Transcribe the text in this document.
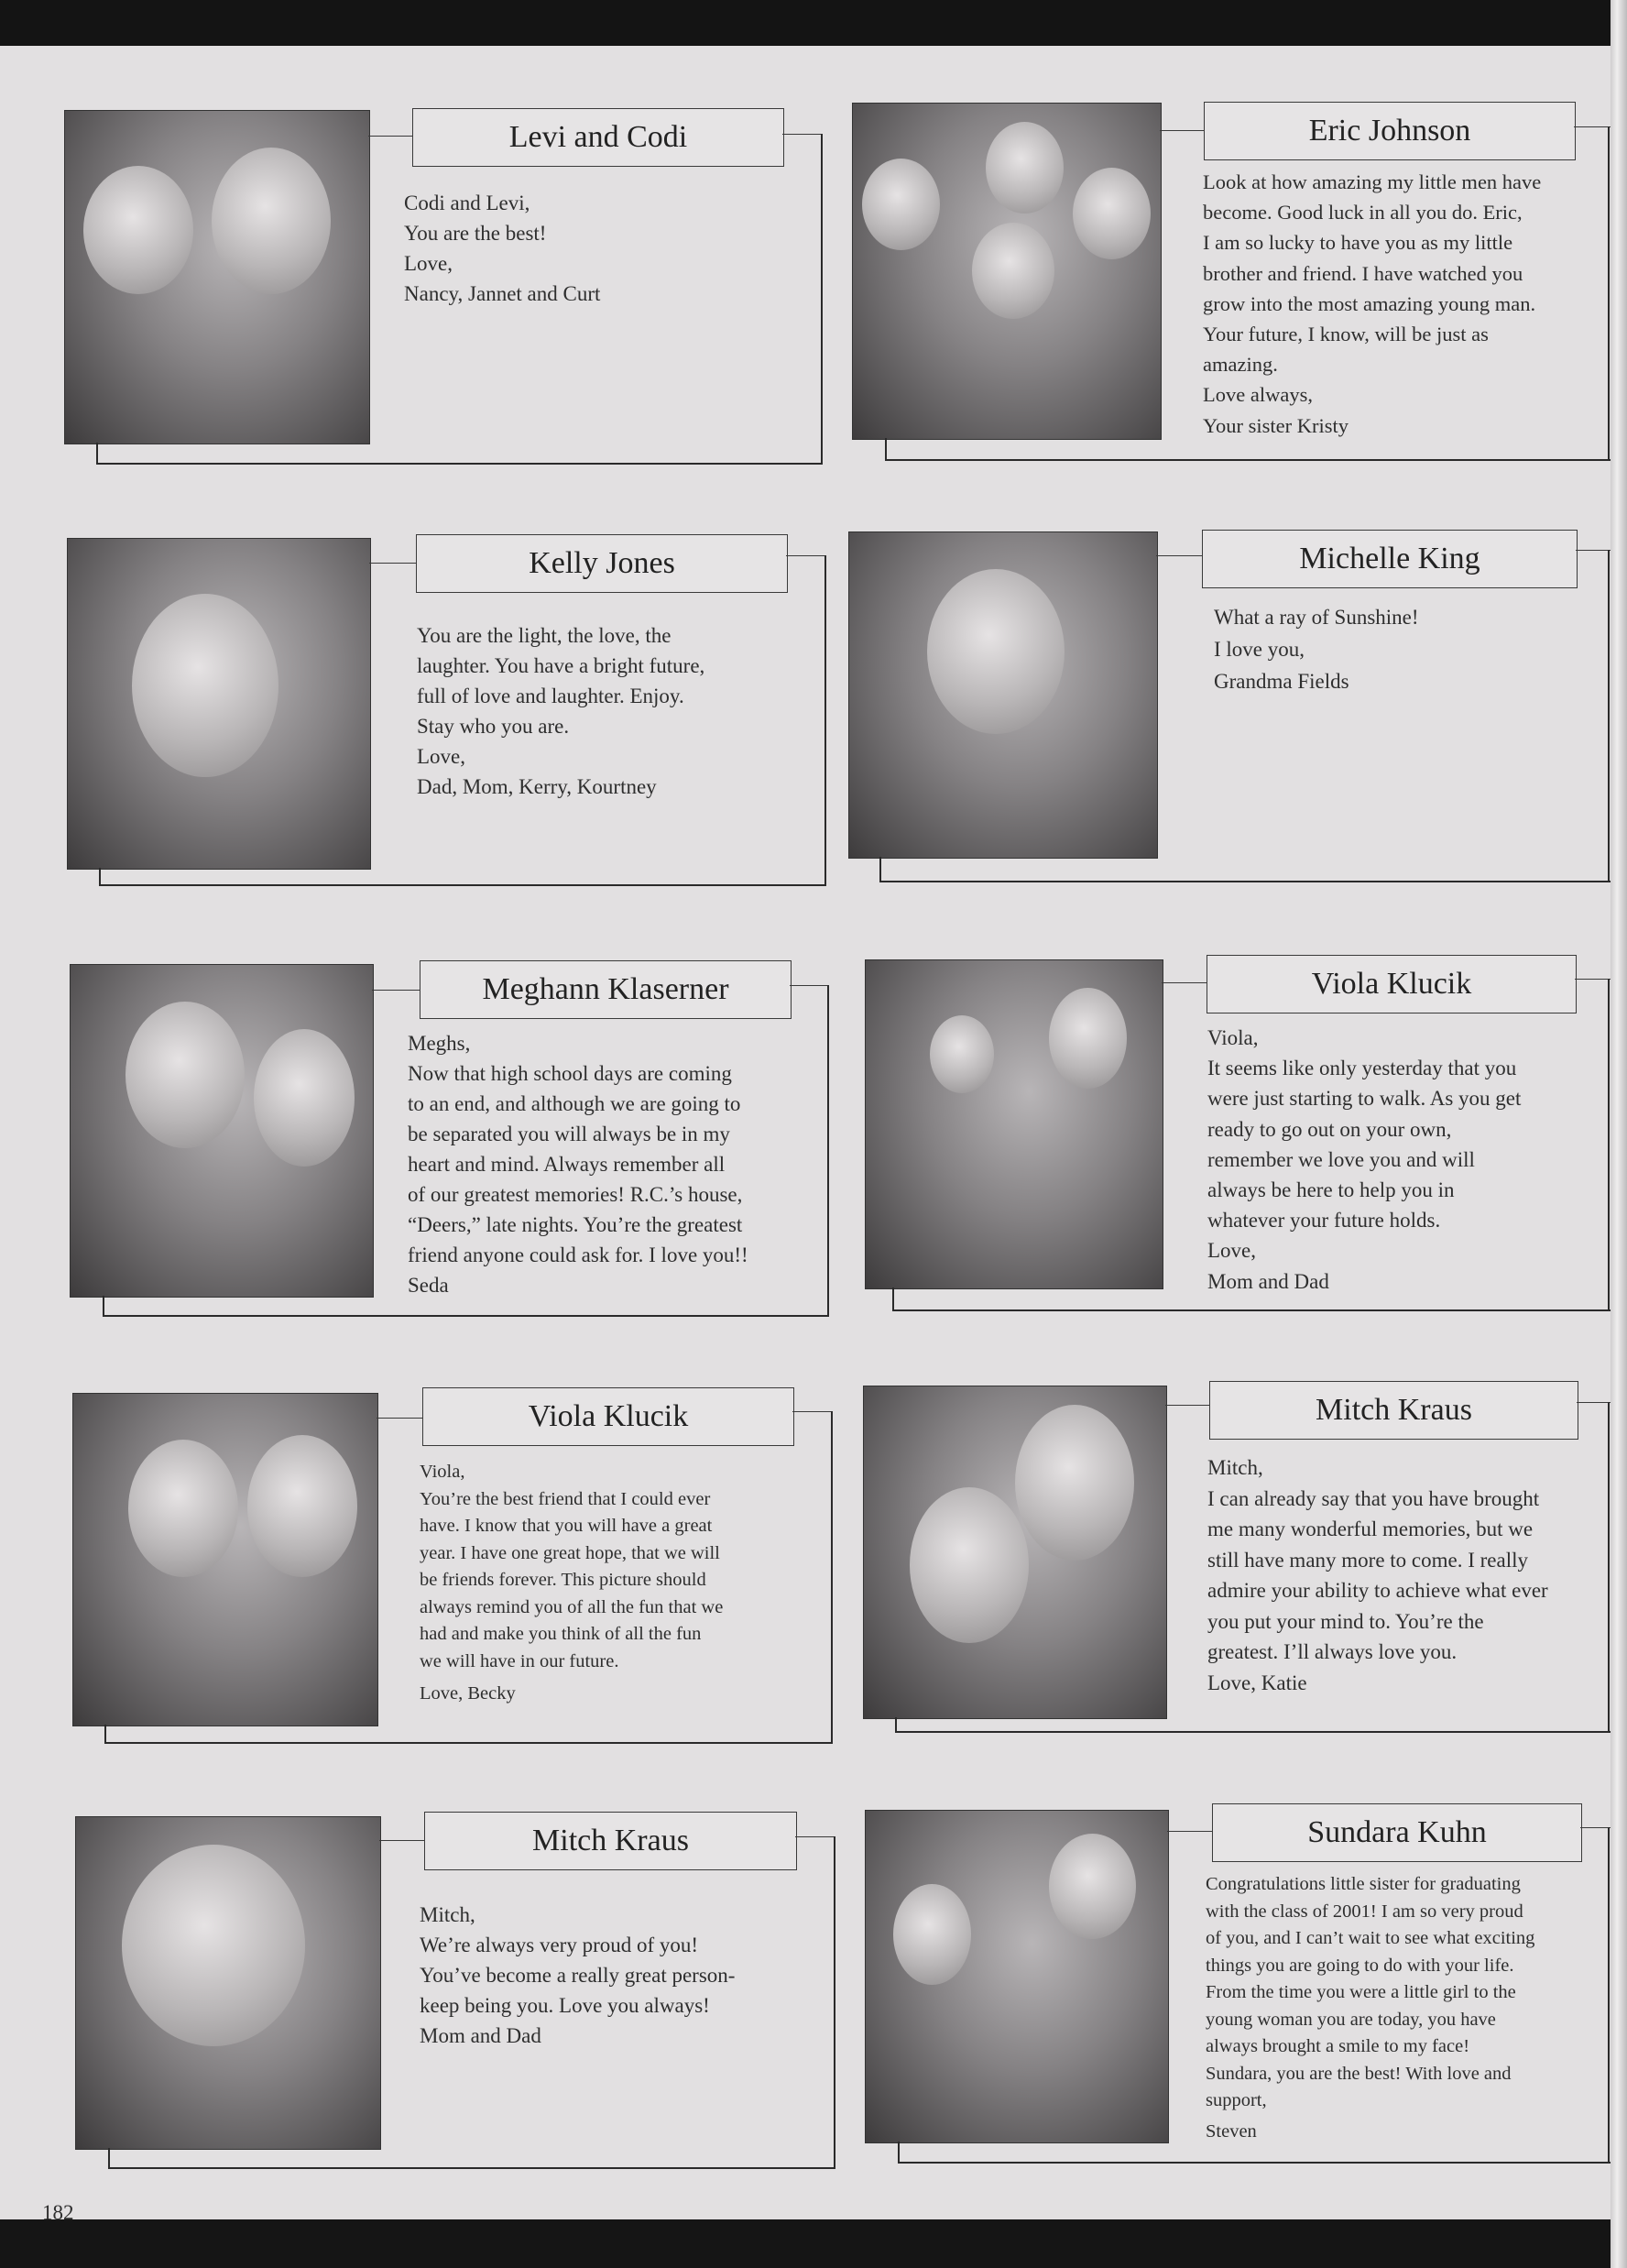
Levi and Codi
Codi and Levi,
You are the best!
Love,
Nancy, Jannet and Curt
Eric Johnson
Look at how amazing my little men have
become. Good luck in all you do. Eric,
I am so lucky to have you as my little
brother and friend. I have watched you
grow into the most amazing young man.
Your future, I know, will be just as
amazing.
Love always,
Your sister Kristy
Kelly Jones
You are the light, the love, the
laughter. You have a bright future,
full of love and laughter. Enjoy.
Stay who you are.
Love,
Dad, Mom, Kerry, Kourtney
Michelle King
What a ray of Sunshine!
I love you,
Grandma Fields
Meghann Klaserner
Meghs,
Now that high school days are coming
to an end, and although we are going to
be separated you will always be in my
heart and mind. Always remember all
of our greatest memories! R.C.’s house,
“Deers,” late nights. You’re the greatest
friend anyone could ask for. I love you!!
Seda
Viola Klucik
Viola,
It seems like only yesterday that you
were just starting to walk. As you get
ready to go out on your own,
remember we love you and will
always be here to help you in
whatever your future holds.
Love,
Mom and Dad
Viola Klucik
Viola,
You’re the best friend that I could ever
have. I know that you will have a great
year. I have one great hope, that we will
be friends forever. This picture should
always remind you of all the fun that we
had and make you think of all the fun
we will have in our future.
Love, Becky
Mitch Kraus
Mitch,
I can already say that you have brought
me many wonderful memories, but we
still have many more to come. I really
admire your ability to achieve what ever
you put your mind to. You’re the
greatest. I’ll always love you.
Love, Katie
Mitch Kraus
Mitch,
We’re always very proud of you!
You’ve become a really great person-
keep being you. Love you always!
Mom and Dad
Sundara Kuhn
Congratulations little sister for graduating
with the class of 2001! I am so very proud
of you, and I can’t wait to see what exciting
things you are going to do with your life.
From the time you were a little girl to the
young woman you are today, you have
always brought a smile to my face!
Sundara, you are the best! With love and
support,
Steven
182
